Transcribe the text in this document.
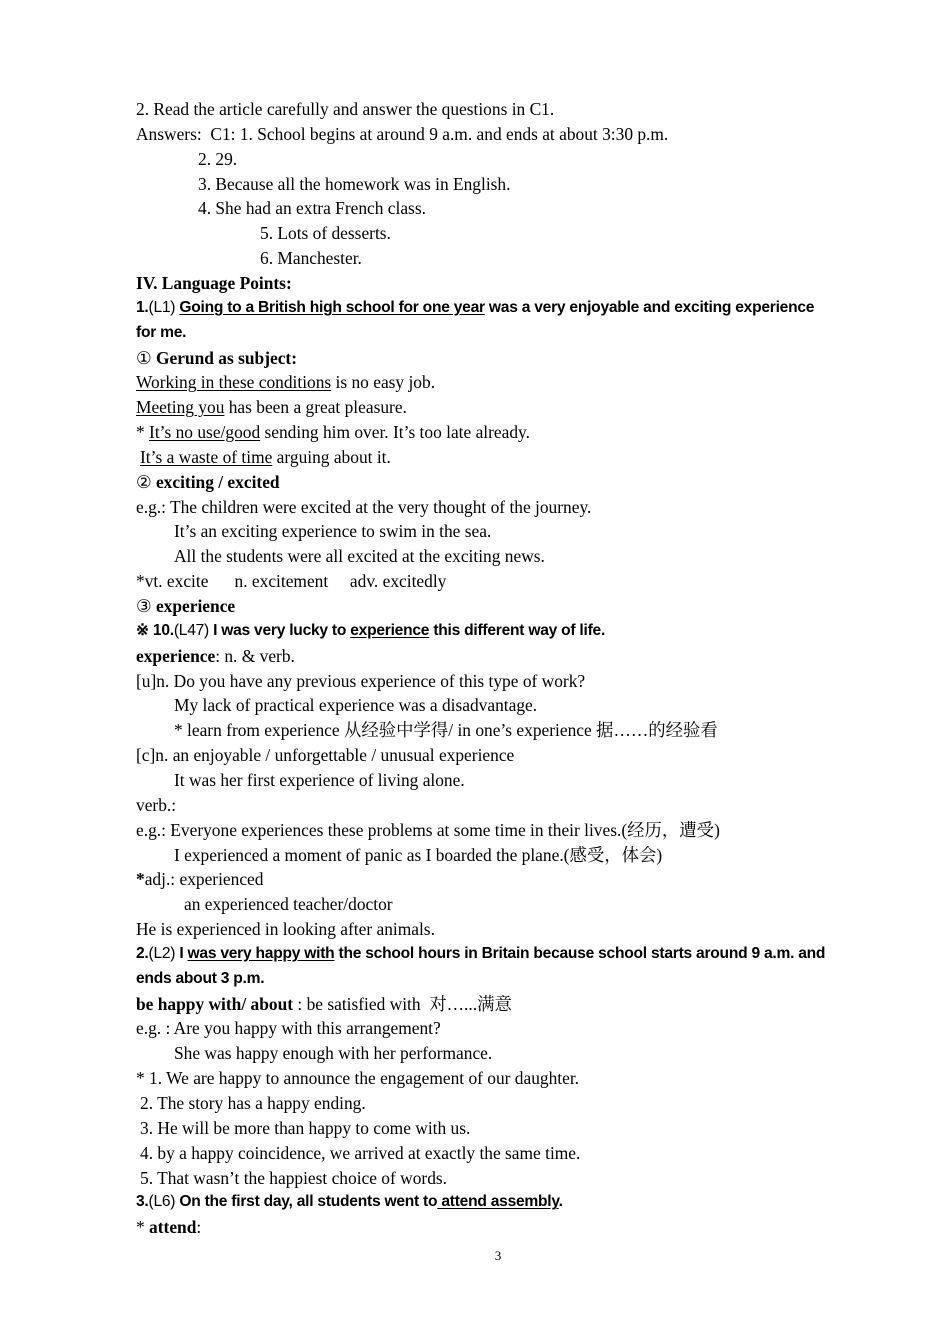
2. Read the article carefully and answer the questions in C1.
Answers:  C1: 1. School begins at around 9 a.m. and ends at about 3:30 p.m.
2. 29.
3. Because all the homework was in English.
4. She had an extra French class.
5. Lots of desserts.
6. Manchester.
IV. Language Points:
1.(L1) Going to a British high school for one year was a very enjoyable and exciting experience
for me.
① Gerund as subject:
Working in these conditions is no easy job.
Meeting you has been a great pleasure.
* It’s no use/good sending him over. It’s too late already.
It’s a waste of time arguing about it.
② exciting / excited
e.g.: The children were excited at the very thought of the journey.
It’s an exciting experience to swim in the sea.
All the students were all excited at the exciting news.
*vt. excite      n. excitement     adv. excitedly
③ experience
※ 10.(L47) I was very lucky to experience this different way of life.
experience: n. & verb.
[u]n. Do you have any previous experience of this type of work?
My lack of practical experience was a disadvantage.
* learn from experience 从经验中学得/ in one’s experience 据……的经验看
[c]n. an enjoyable / unforgettable / unusual experience
It was her first experience of living alone.
verb.:
e.g.: Everyone experiences these problems at some time in their lives.(经历，遭受)
I experienced a moment of panic as I boarded the plane.(感受，体会)
*adj.: experienced
an experienced teacher/doctor
He is experienced in looking after animals.
2.(L2) I was very happy with the school hours in Britain because school starts around 9 a.m. and
ends about 3 p.m.
be happy with/ about : be satisfied with  对…...满意
e.g. : Are you happy with this arrangement?
She was happy enough with her performance.
* 1. We are happy to announce the engagement of our daughter.
2. The story has a happy ending.
3. He will be more than happy to come with us.
4. by a happy coincidence, we arrived at exactly the same time.
5. That wasn’t the happiest choice of words.
3.(L6) On the first day, all students went to attend assembly.
* attend:
3
